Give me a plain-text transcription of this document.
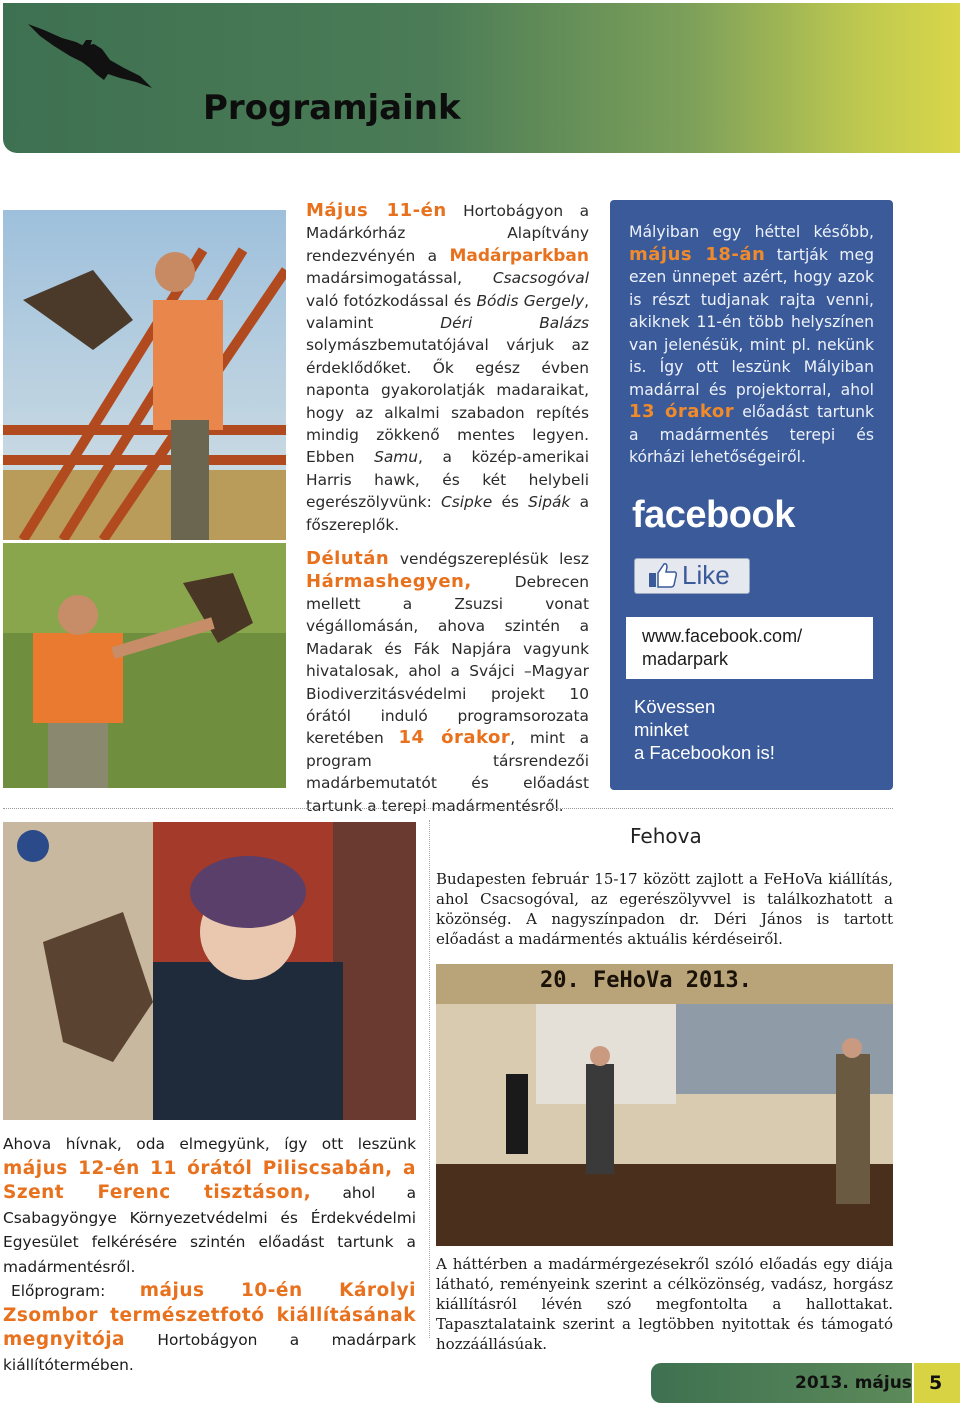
Programjaink

Május 11-én Hortobágyon a Madárkórház Alapítvány rendezvényén a Madárparkban madársimogatással, Csacsogóval való fotózkodással és Bódis Gergely, valamint Déri Balázs solymászbemutatójával várjuk az érdeklődőket. Ők egész évben naponta gyakorolatják madaraikat, hogy az alkalmi szabadon repítés mindig zökkenő mentes legyen. Ebben Samu, a közép-amerikai Harris hawk, és két helybeli egerészölyvünk: Csipke és Sipák a főszereplők.

Délután vendégszereplésük lesz Hármashegyen, Debrecen mellett a Zsuzsi vonat végállomásán, ahova szintén a Madarak és Fák Napjára vagyunk hivatalosak, ahol a Svájci –Magyar Biodiverzitásvédelmi projekt 10 órától induló programsorozata keretében 14 órakor, mint a program társrendezői madárbemutatót és előadást tartunk a terepi madármentésről.

Mályiban egy héttel később, május 18-án tartják meg ezen ünnepet azért, hogy azok is részt tudjanak rajta venni, akiknek 11-én több helyszínen van jelenésük, mint pl. nekünk is. Így ott leszünk Mályiban madárral és projektorral, ahol 13 órakor előadást tartunk a madármentés terepi és kórházi lehetőségeiről.
facebook
Like
www.facebook.com/
madarpark
Kövessen
minket
a Facebookon is!
Fehova
Budapesten február 15-17 között zajlott a FeHoVa kiállítás, ahol Csacsogóval, az egerészölyvvel is találkozhatott a közönség. A nagyszínpadon dr. Déri János is tartott előadást a madármentés aktuális kérdéseiről.
20. FeHoVa 2013.
A háttérben a madármérgezésekről szóló előadás egy diája látható, reményeink szerint a célközönség, vadász, horgász kiállításról lévén szó megfontolta a hallottakat. Tapasztalataink szerint a legtöbben nyitottak és támogató hozzáállásúak.

Ahova hívnak, oda elmegyünk, így ott leszünk május 12-én 11 órától Piliscsabán, a Szent Ferenc tisztáson, ahol a Csabagyöngye Környezetvédelmi és Érdekvédelmi Egyesület felkérésére szintén előadást tartunk a madármentésről.

Előprogram: május 10-én Károlyi Zsombor természetfotó kiállításának megnyitója Hortobágyon a madárpark kiállítótermében.

2013. május 5
